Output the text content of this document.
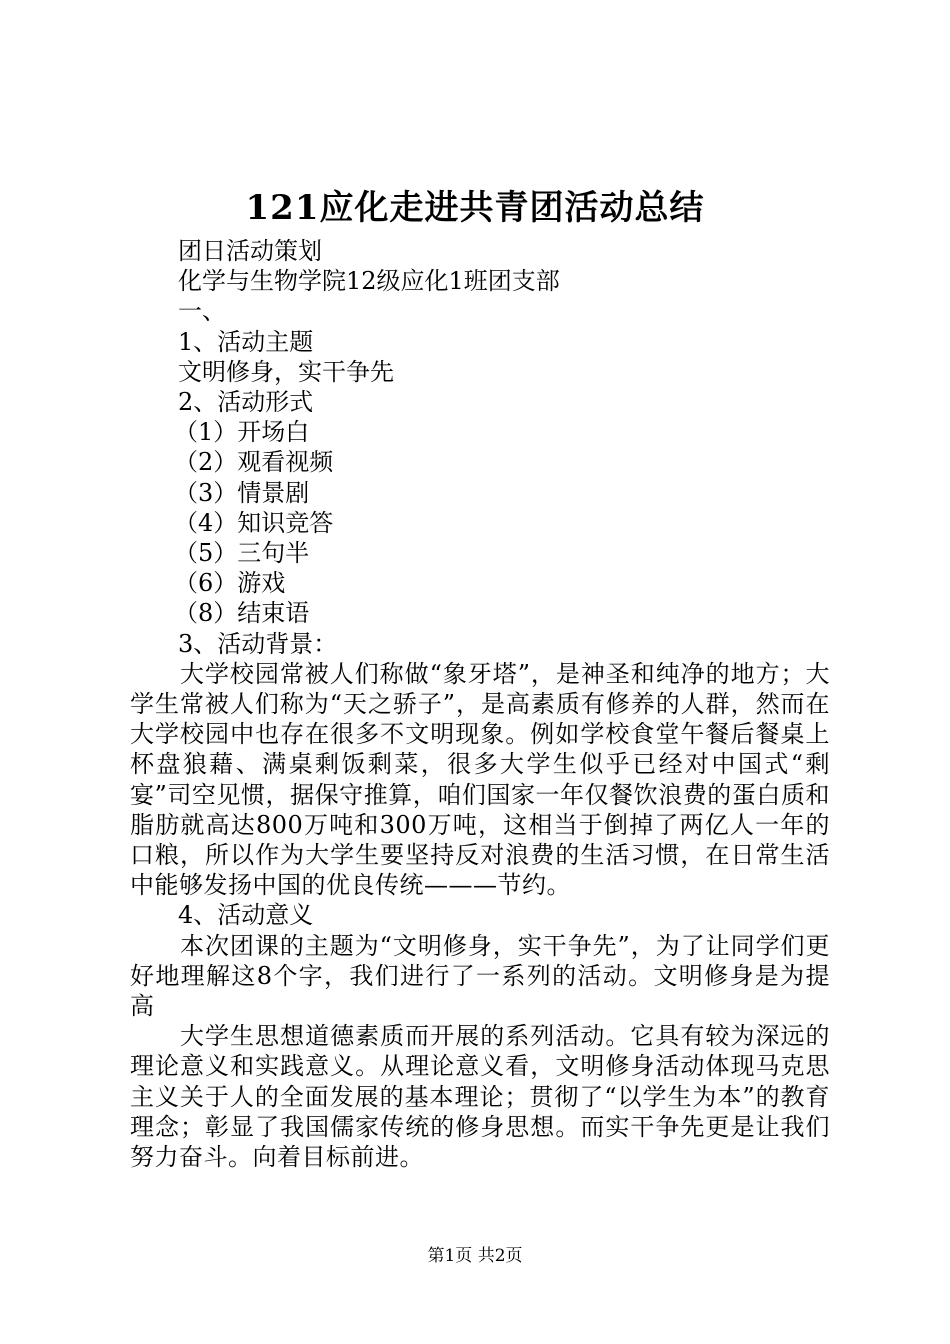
121应化走进共青团活动总结

团日活动策划

化学与生物学院12级应化1班团支部

一、

1、活动主题

文明修身，实干争先

2、活动形式

（1）开场白

（2）观看视频

（3）情景剧

（4）知识竞答

（5）三句半

（6）游戏

（8）结束语

3、活动背景：

大学校园常被人们称做“象牙塔”，是神圣和纯净的地方；大学生常被人们称为“天之骄子”，是高素质有修养的人群，然而在大学校园中也存在很多不文明现象。例如学校食堂午餐后餐桌上杯盘狼藉、满桌剩饭剩菜，很多大学生似乎已经对中国式“剩宴”司空见惯，据保守推算，咱们国家一年仅餐饮浪费的蛋白质和脂肪就高达800万吨和300万吨，这相当于倒掉了两亿人一年的口粮，所以作为大学生要坚持反对浪费的生活习惯，在日常生活中能够发扬中国的优良传统———节约。

4、活动意义

本次团课的主题为“文明修身，实干争先”，为了让同学们更好地理解这8个字，我们进行了一系列的活动。文明修身是为提高

大学生思想道德素质而开展的系列活动。它具有较为深远的理论意义和实践意义。从理论意义看，文明修身活动体现马克思主义关于人的全面发展的基本理论；贯彻了“以学生为本”的教育理念；彰显了我国儒家传统的修身思想。而实干争先更是让我们努力奋斗。向着目标前进。

第1页 共2页
